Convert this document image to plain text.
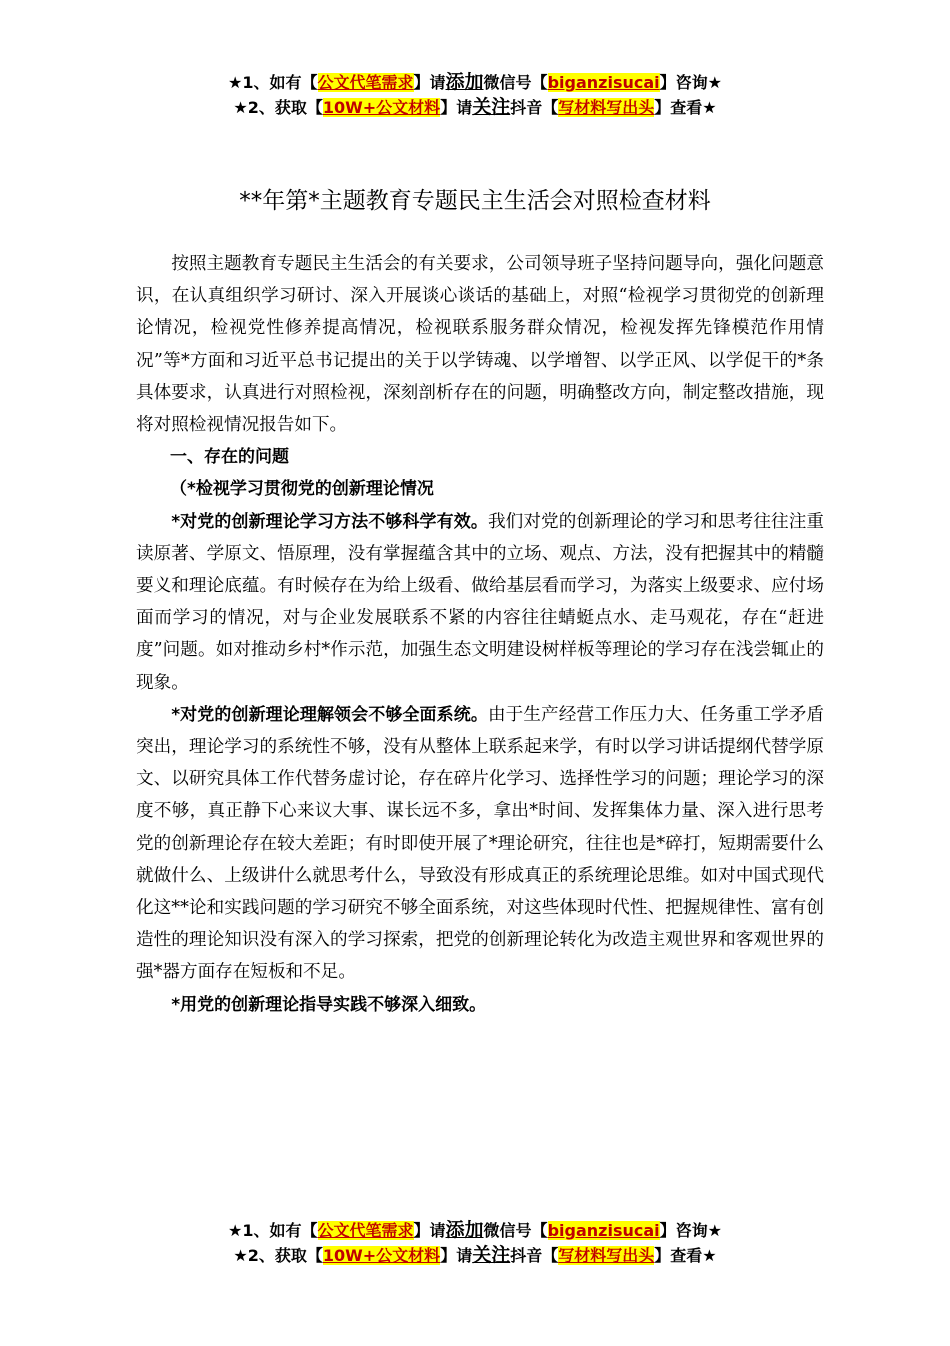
★1、如有【公文代笔需求】请添加微信号【biganzisucai】咨询★
★2、获取【10W+公文材料】请关注抖音【写材料写出头】查看★
**年第*主题教育专题民主生活会对照检查材料

按照主题教育专题民主生活会的有关要求，公司领导班子坚持问题导向，强化问题意识，在认真组织学习研讨、深入开展谈心谈话的基础上，对照“检视学习贯彻党的创新理论情况，检视党性修养提高情况，检视联系服务群众情况，检视发挥先锋模范作用情况”等*方面和习近平总书记提出的关于以学铸魂、以学增智、以学正风、以学促干的*条具体要求，认真进行对照检视，深刻剖析存在的问题，明确整改方向，制定整改措施，现将对照检视情况报告如下。

一、存在的问题

（*检视学习贯彻党的创新理论情况

*对党的创新理论学习方法不够科学有效。我们对党的创新理论的学习和思考往往注重读原著、学原文、悟原理，没有掌握蕴含其中的立场、观点、方法，没有把握其中的精髓要义和理论底蕴。有时候存在为给上级看、做给基层看而学习，为落实上级要求、应付场面而学习的情况，对与企业发展联系不紧的内容往往蜻蜓点水、走马观花，存在“赶进度”问题。如对推动乡村*作示范，加强生态文明建设树样板等理论的学习存在浅尝辄止的现象。

*对党的创新理论理解领会不够全面系统。由于生产经营工作压力大、任务重工学矛盾突出，理论学习的系统性不够，没有从整体上联系起来学，有时以学习讲话提纲代替学原文、以研究具体工作代替务虚讨论，存在碎片化学习、选择性学习的问题；理论学习的深度不够，真正静下心来议大事、谋长远不多，拿出*时间、发挥集体力量、深入进行思考党的创新理论存在较大差距；有时即使开展了*理论研究，往往也是*碎打，短期需要什么就做什么、上级讲什么就思考什么，导致没有形成真正的系统理论思维。如对中国式现代化这**论和实践问题的学习研究不够全面系统，对这些体现时代性、把握规律性、富有创造性的理论知识没有深入的学习探索，把党的创新理论转化为改造主观世界和客观世界的强*器方面存在短板和不足。

*用党的创新理论指导实践不够深入细致。

★1、如有【公文代笔需求】请添加微信号【biganzisucai】咨询★
★2、获取【10W+公文材料】请关注抖音【写材料写出头】查看★
